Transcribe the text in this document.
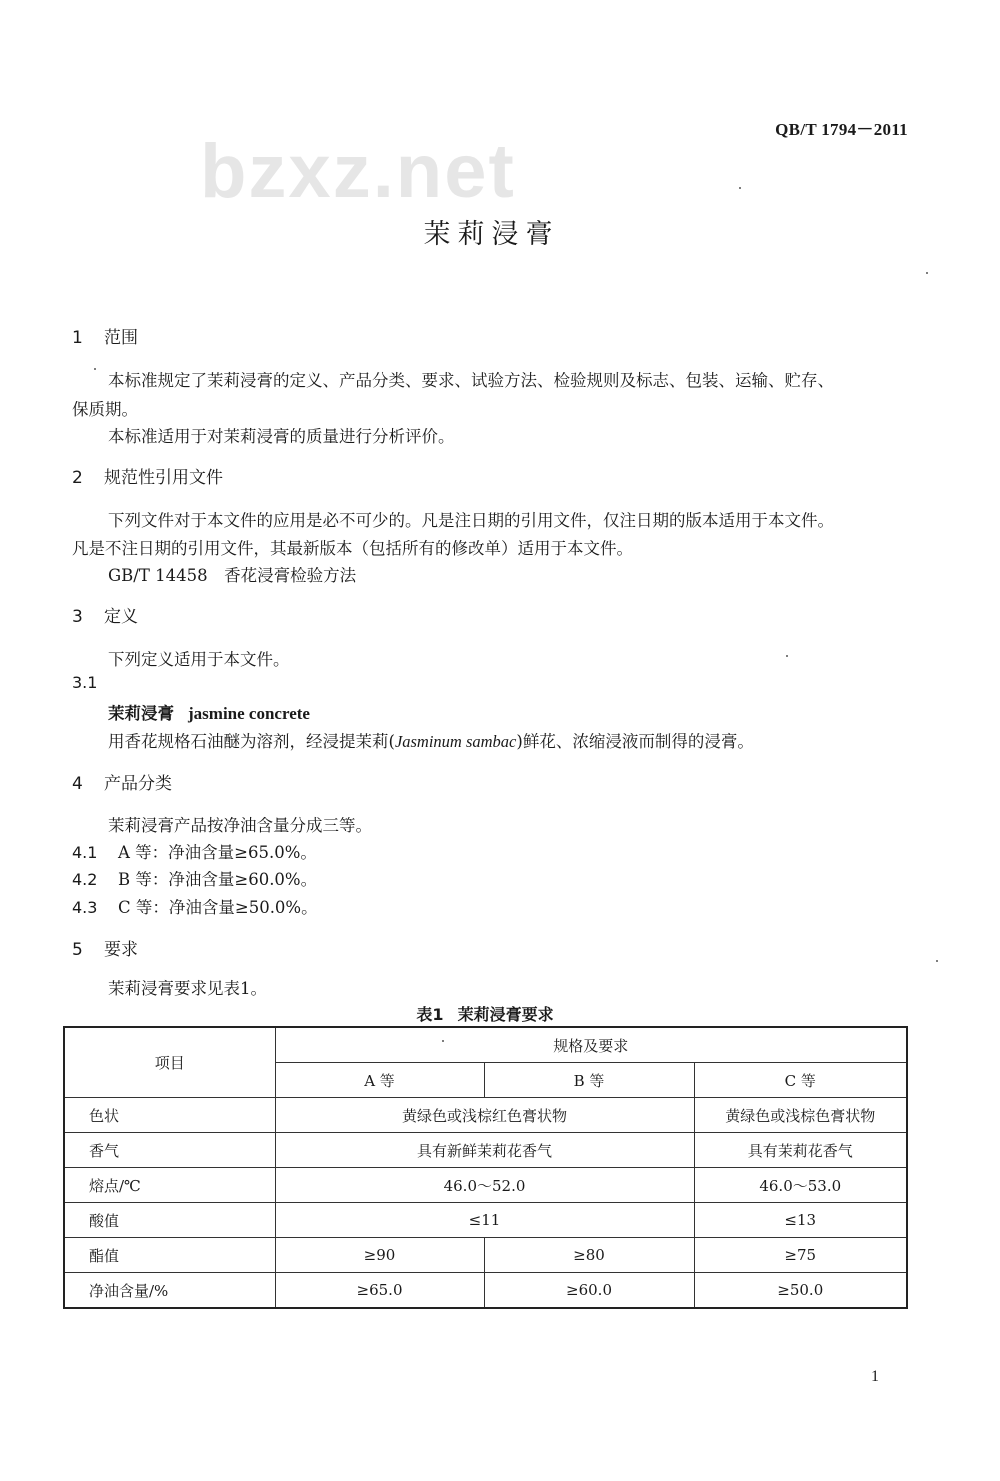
bzxz.net	QB/T 1794－2011
茉莉浸膏
1 范围
本标准规定了茉莉浸膏的定义、产品分类、要求、试验方法、检验规则及标志、包装、运输、贮存、
保质期。
本标准适用于对茉莉浸膏的质量进行分析评价。
2 规范性引用文件
下列文件对于本文件的应用是必不可少的。凡是注日期的引用文件，仅注日期的版本适用于本文件。
凡是不注日期的引用文件，其最新版本（包括所有的修改单）适用于本文件。
GB/T 14458　香花浸膏检验方法
3 定义
下列定义适用于本文件。
3.1
茉莉浸膏 jasmine concrete
用香花规格石油醚为溶剂，经浸提茉莉(Jasminum sambac)鲜花、浓缩浸液而制得的浸膏。
4 产品分类
茉莉浸膏产品按净油含量分成三等。
4.1 A 等：净油含量≥65.0%。
4.2 B 等：净油含量≥60.0%。
4.3 C 等：净油含量≥50.0%。
5 要求
茉莉浸膏要求见表1。
表1 茉莉浸膏要求
项目	规格及要求		
	A 等	B 等	C 等
色状	黄绿色或浅棕红色膏状物		黄绿色或浅棕色膏状物
香气	具有新鲜茉莉花香气		具有茉莉花香气
熔点/℃	46.0～52.0		46.0～53.0
酸值	≤11		≤13
酯值	≥90	≥80	≥75
净油含量/%	≥65.0	≥60.0	≥50.0
1
